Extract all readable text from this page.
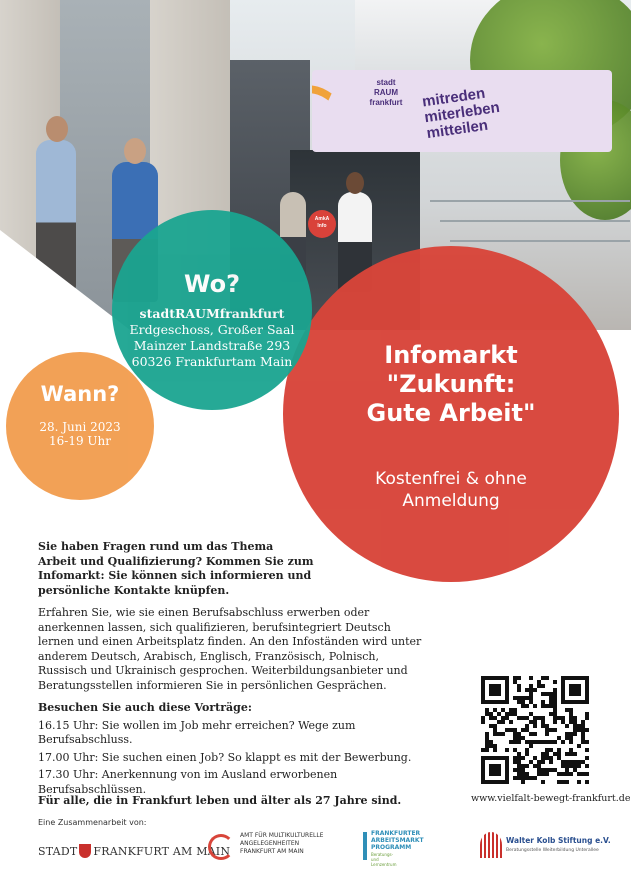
stadt
RAUM
frankfurt	mitreden
miterleben
mitteilen
AmkA
Info
Infomarkt
"Zukunft:
Gute Arbeit"
Kostenfrei & ohne
Anmeldung
Wo?
stadtRAUMfrankfurt
Erdgeschoss, Großer Saal
Mainzer Landstraße 293
60326 Frankfurtam Main
Wann?
28. Juni 2023
16-19 Uhr
Sie haben Fragen rund um das Thema
Arbeit und Qualifizierung? Kommen Sie zum
Infomarkt: Sie können sich informieren und
persönliche Kontakte knüpfen.
Erfahren Sie, wie sie einen Berufsabschluss erwerben oder
anerkennen lassen, sich qualifizieren, berufsintegriert Deutsch
lernen und einen Arbeitsplatz finden. An den Infoständen wird unter
anderem Deutsch, Arabisch, Englisch, Französisch, Polnisch,
Russisch und Ukrainisch gesprochen. Weiterbildungsanbieter und
Beratungsstellen informieren Sie in persönlichen Gesprächen.
Besuchen Sie auch diese Vorträge:
16.15 Uhr: Sie wollen im Job mehr erreichen? Wege zum Berufsabschluss.
17.00 Uhr: Sie suchen einen Job? So klappt es mit der Bewerbung.
17.30 Uhr: Anerkennung von im Ausland erworbenen Berufsabschlüssen.
Für alle, die in Frankfurt leben und älter als 27 Jahre sind.	www.vielfalt-bewegt-frankfurt.de
Eine Zusammenarbeit von:
STADT FRANKFURT AM MAIN
AMT FÜR MULTIKULTURELLE
ANGELEGENHEITEN
FRANKFURT AM MAIN
FRANKFURTER
ARBEITSMARKT
PROGRAMM
Beratungs- und Lernzentrum
Walter Kolb Stiftung e.V.
Beratungsstelle Weiterbildung Unterallee
